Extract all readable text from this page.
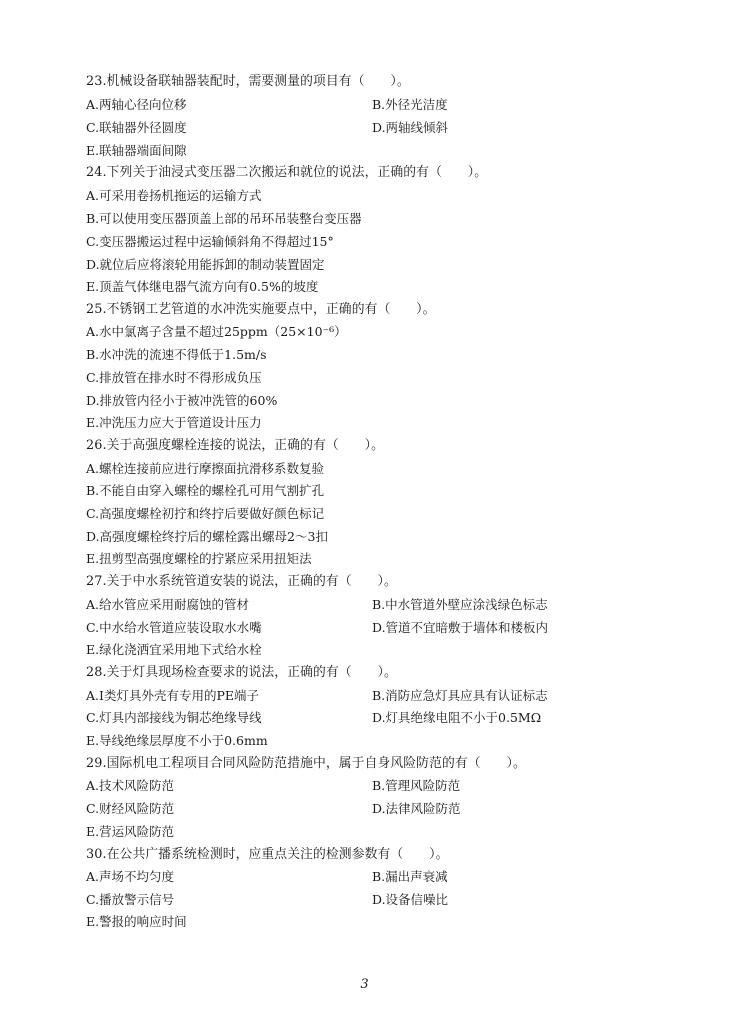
23.机械设备联轴器装配时，需要测量的项目有（　　）。
A.两轴心径向位移	B.外径光洁度
C.联轴器外径圆度	D.两轴线倾斜
E.联轴器端面间隙
24.下列关于油浸式变压器二次搬运和就位的说法，正确的有（　　）。
A.可采用卷扬机拖运的运输方式
B.可以使用变压器顶盖上部的吊环吊装整台变压器
C.变压器搬运过程中运输倾斜角不得超过15°
D.就位后应将滚轮用能拆卸的制动装置固定
E.顶盖气体继电器气流方向有0.5%的坡度
25.不锈钢工艺管道的水冲洗实施要点中，正确的有（　　）。
A.水中氯离子含量不超过25ppm（25×10⁻⁶）
B.水冲洗的流速不得低于1.5m/s
C.排放管在排水时不得形成负压
D.排放管内径小于被冲洗管的60%
E.冲洗压力应大于管道设计压力
26.关于高强度螺栓连接的说法，正确的有（　　）。
A.螺栓连接前应进行摩擦面抗滑移系数复验
B.不能自由穿入螺栓的螺栓孔可用气割扩孔
C.高强度螺栓初拧和终拧后要做好颜色标记
D.高强度螺栓终拧后的螺栓露出螺母2～3扣
E.扭剪型高强度螺栓的拧紧应采用扭矩法
27.关于中水系统管道安装的说法，正确的有（　　）。
A.给水管应采用耐腐蚀的管材	B.中水管道外壁应涂浅绿色标志
C.中水给水管道应装设取水水嘴	D.管道不宜暗敷于墙体和楼板内
E.绿化浇洒宜采用地下式给水栓
28.关于灯具现场检查要求的说法，正确的有（　　）。
A.Ⅰ类灯具外壳有专用的PE端子	B.消防应急灯具应具有认证标志
C.灯具内部接线为铜芯绝缘导线	D.灯具绝缘电阻不小于0.5MΩ
E.导线绝缘层厚度不小于0.6mm
29.国际机电工程项目合同风险防范措施中，属于自身风险防范的有（　　）。
A.技术风险防范	B.管理风险防范
C.财经风险防范	D.法律风险防范
E.营运风险防范
30.在公共广播系统检测时，应重点关注的检测参数有（　　）。
A.声场不均匀度	B.漏出声衰减
C.播放警示信号	D.设备信噪比
E.警报的响应时间
3
